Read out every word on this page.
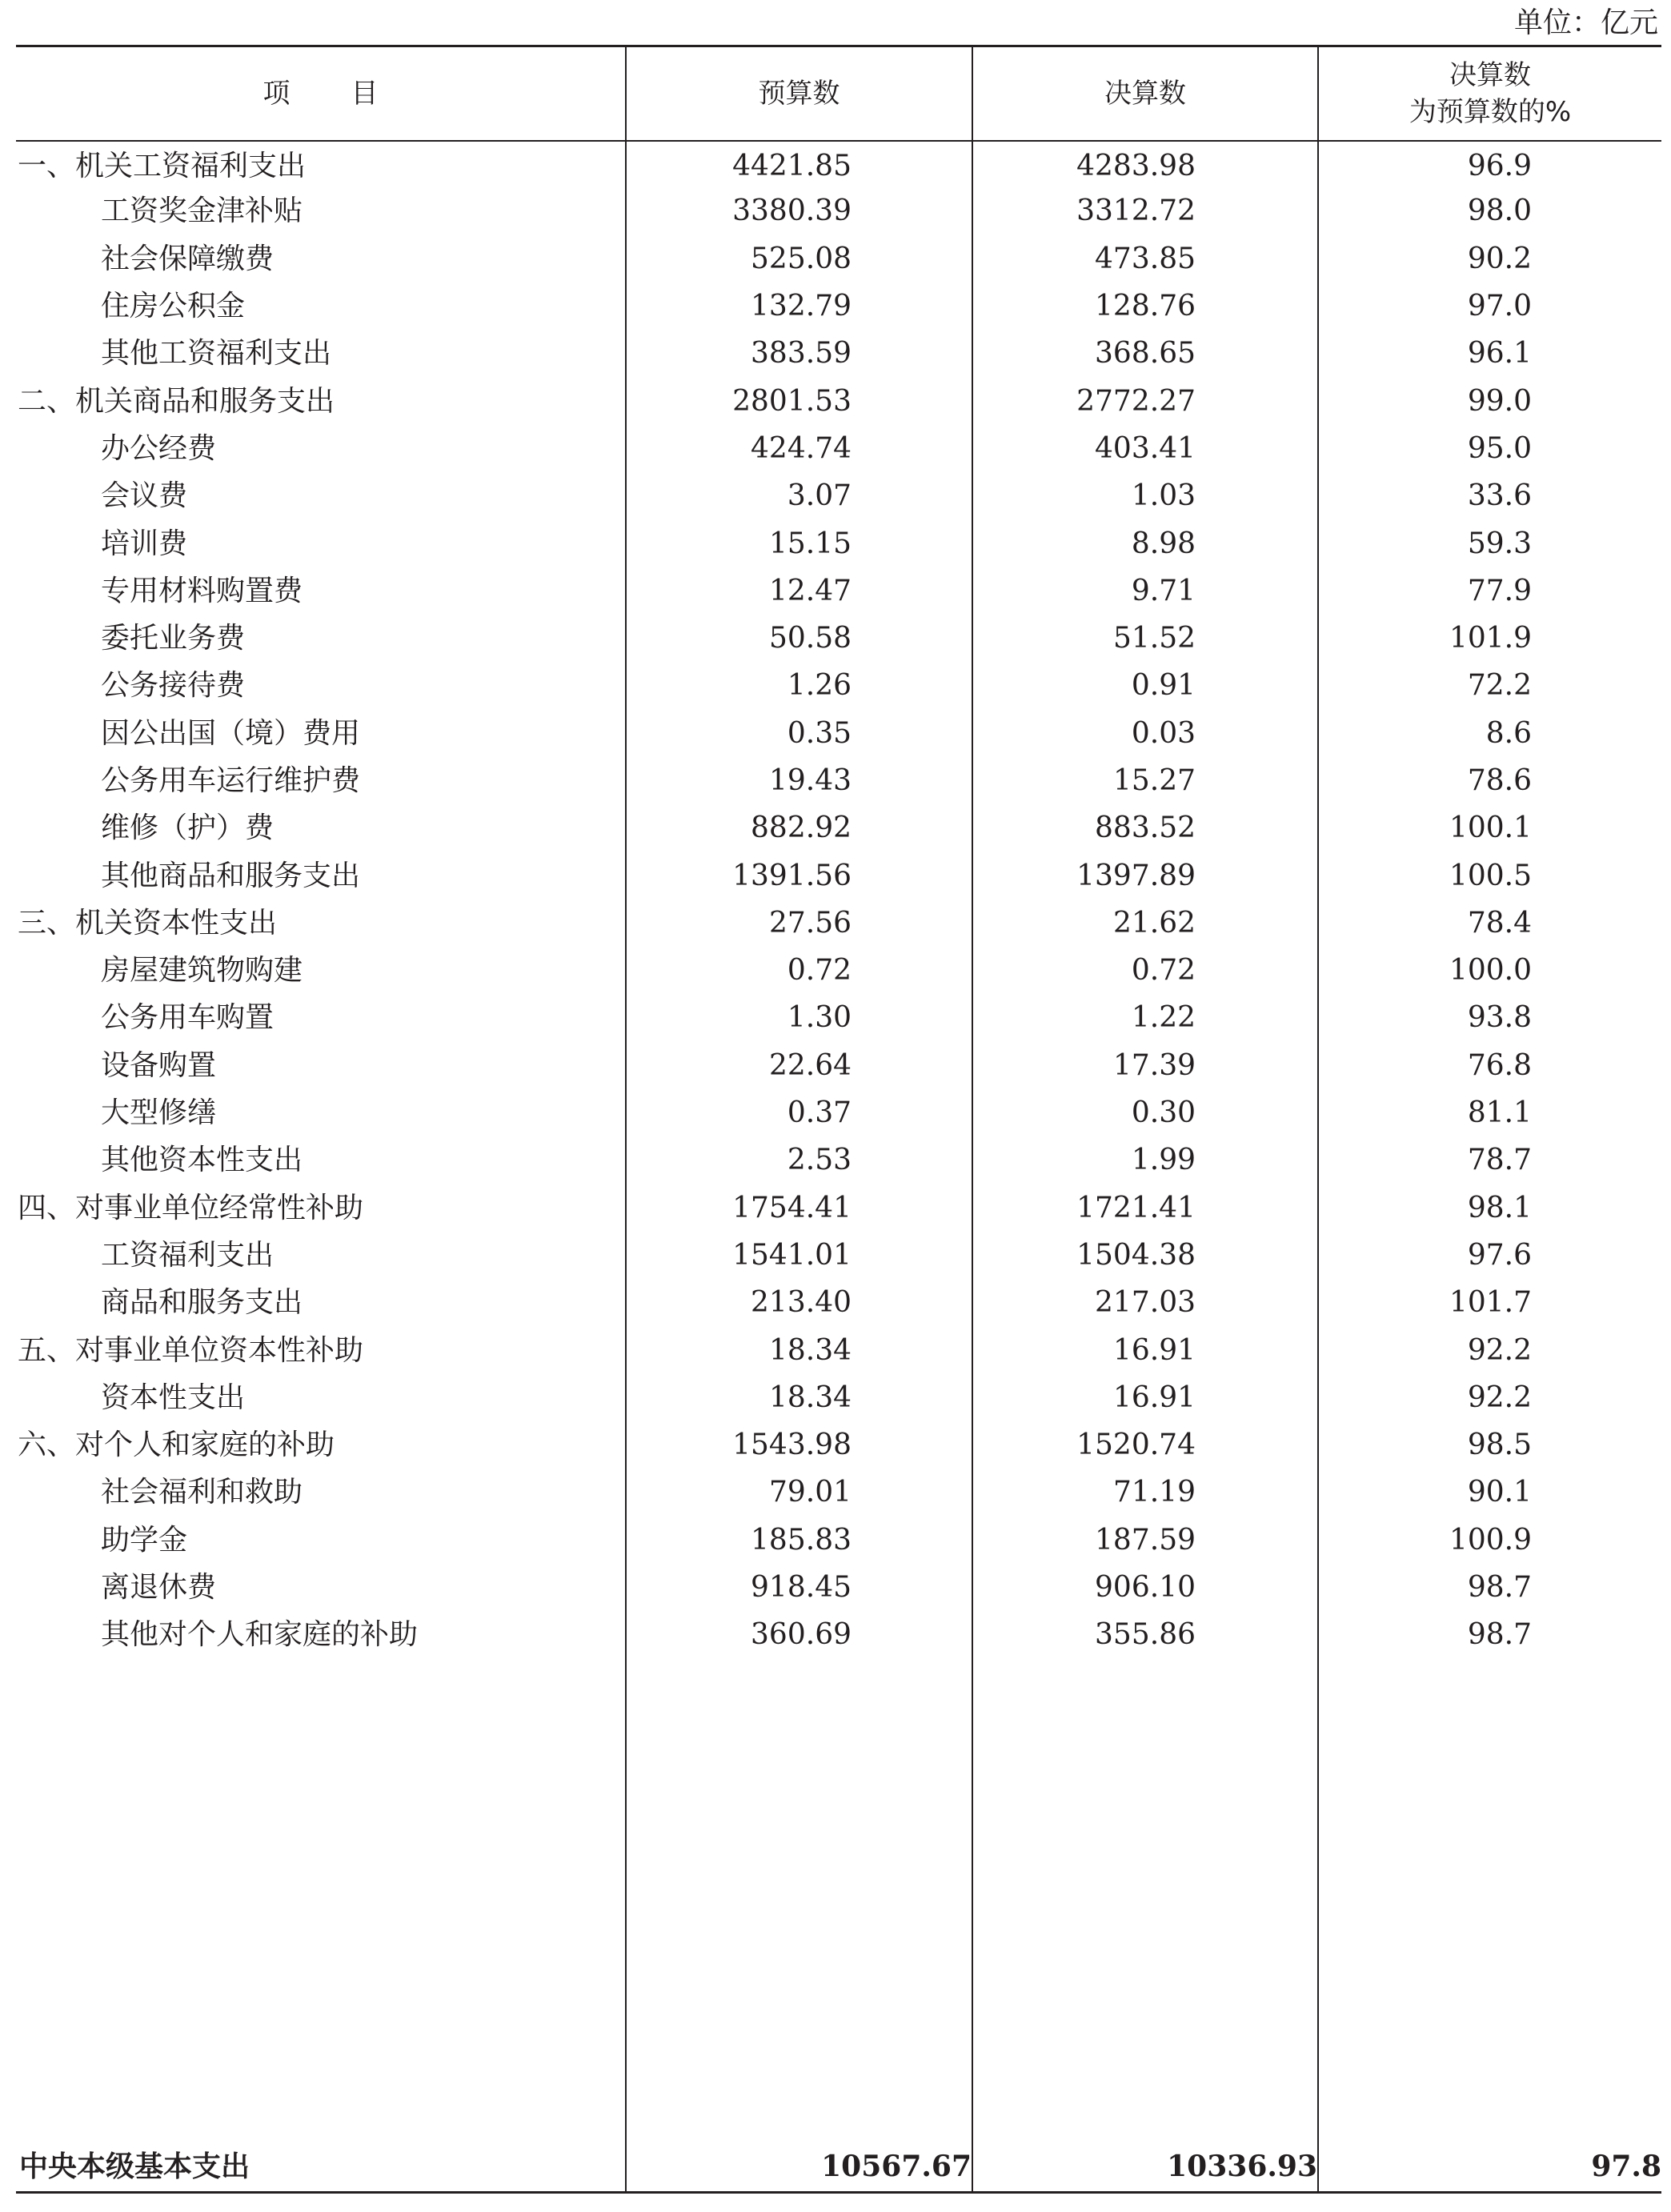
单位：亿元
项 目	预算数	决算数	决算数
为预算数的%
一、机关工资福利支出	4421.85	4283.98	96.9
工资奖金津补贴	3380.39	3312.72	98.0
社会保障缴费	525.08	473.85	90.2
住房公积金	132.79	128.76	97.0
其他工资福利支出	383.59	368.65	96.1
二、机关商品和服务支出	2801.53	2772.27	99.0
办公经费	424.74	403.41	95.0
会议费	3.07	1.03	33.6
培训费	15.15	8.98	59.3
专用材料购置费	12.47	9.71	77.9
委托业务费	50.58	51.52	101.9
公务接待费	1.26	0.91	72.2
因公出国（境）费用	0.35	0.03	8.6
公务用车运行维护费	19.43	15.27	78.6
维修（护）费	882.92	883.52	100.1
其他商品和服务支出	1391.56	1397.89	100.5
三、机关资本性支出	27.56	21.62	78.4
房屋建筑物购建	0.72	0.72	100.0
公务用车购置	1.30	1.22	93.8
设备购置	22.64	17.39	76.8
大型修缮	0.37	0.30	81.1
其他资本性支出	2.53	1.99	78.7
四、对事业单位经常性补助	1754.41	1721.41	98.1
工资福利支出	1541.01	1504.38	97.6
商品和服务支出	213.40	217.03	101.7
五、对事业单位资本性补助	18.34	16.91	92.2
资本性支出	18.34	16.91	92.2
六、对个人和家庭的补助	1543.98	1520.74	98.5
社会福利和救助	79.01	71.19	90.1
助学金	185.83	187.59	100.9
离退休费	918.45	906.10	98.7
其他对个人和家庭的补助	360.69	355.86	98.7

中央本级基本支出	10567.67	10336.93	97.8
